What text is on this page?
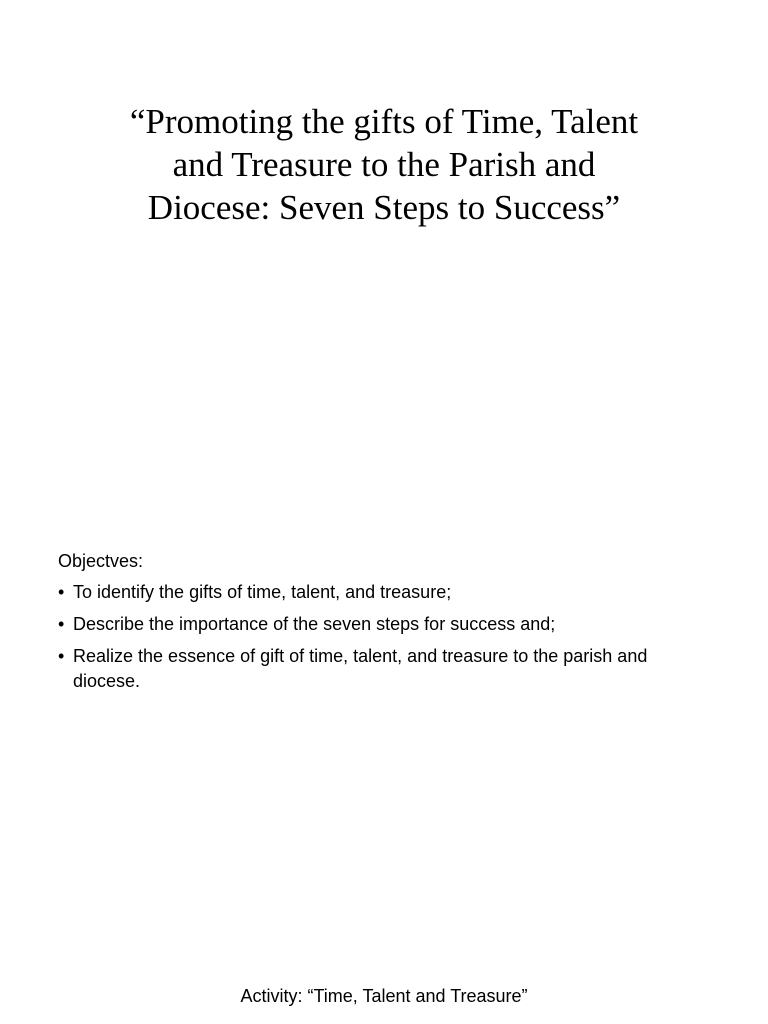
“Promoting the gifts of Time, Talent
and Treasure to the Parish and
Diocese: Seven Steps to Success”

Objectves:

• To identify the gifts of time, talent, and treasure;
• Describe the importance of the seven steps for success and;
• Realize the essence of gift of time, talent, and treasure to the parish and diocese.
Activity: “Time, Talent and Treasure”
